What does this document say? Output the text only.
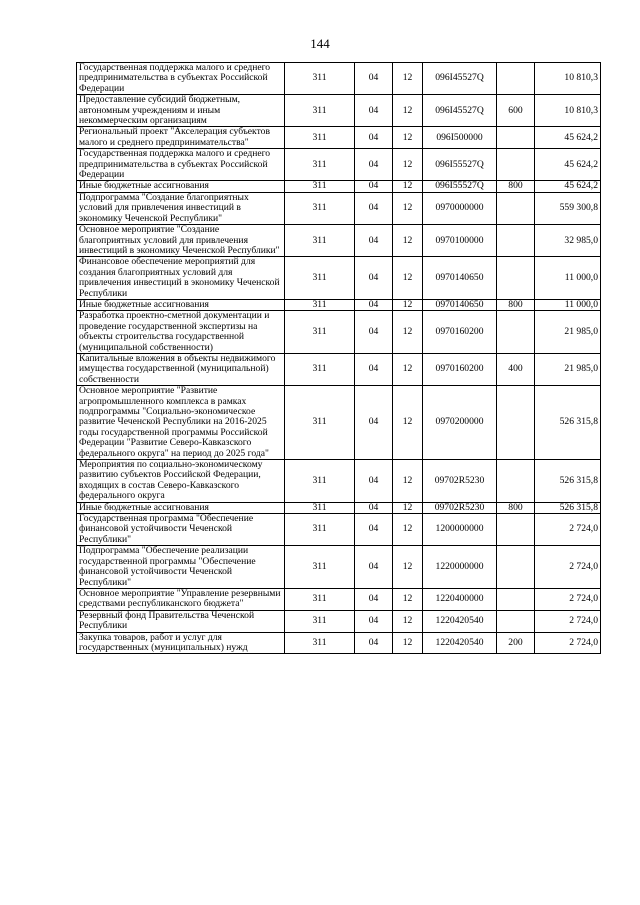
144
Государственная поддержка малого и среднего предпринимательства в субъектах Российской Федерации	311	04	12	096I45527Q		10 810,3
Предоставление субсидий бюджетным, автономным учреждениям и иным некоммерческим организациям	311	04	12	096I45527Q	600	10 810,3
Региональный проект "Акселерация субъектов малого и среднего предпринимательства"	311	04	12	096I500000		45 624,2
Государственная поддержка малого и среднего предпринимательства в субъектах Российской Федерации	311	04	12	096I55527Q		45 624,2
Иные бюджетные ассигнования	311	04	12	096I55527Q	800	45 624,2
Подпрограмма "Создание благоприятных условий для привлечения инвестиций в экономику Чеченской Республики"	311	04	12	0970000000		559 300,8
Основное мероприятие "Создание благоприятных условий для привлечения инвестиций в экономику Чеченской Республики"	311	04	12	0970100000		32 985,0
Финансовое обеспечение мероприятий для создания благоприятных условий для привлечения инвестиций в экономику Чеченской Республики	311	04	12	0970140650		11 000,0
Иные бюджетные ассигнования	311	04	12	0970140650	800	11 000,0
Разработка проектно-сметной документации и проведение государственной экспертизы на объекты строительства государственной (муниципальной собственности)	311	04	12	0970160200		21 985,0
Капитальные вложения в объекты недвижимого имущества государственной (муниципальной) собственности	311	04	12	0970160200	400	21 985,0
Основное мероприятие "Развитие агропромышленного комплекса в рамках подпрограммы "Социально-экономическое развитие Чеченской Республики на 2016-2025 годы государственной программы Российской Федерации "Развитие Северо-Кавказского федерального округа" на период до 2025 года"	311	04	12	0970200000		526 315,8
Мероприятия по социально-экономическому развитию субъектов Российской Федерации, входящих в состав Северо-Кавказского федерального округа	311	04	12	09702R5230		526 315,8
Иные бюджетные ассигнования	311	04	12	09702R5230	800	526 315,8
Государственная программа "Обеспечение финансовой устойчивости Чеченской Республики"	311	04	12	1200000000		2 724,0
Подпрограмма "Обеспечение реализации государственной программы "Обеспечение финансовой устойчивости Чеченской Республики"	311	04	12	1220000000		2 724,0
Основное мероприятие "Управление резервными средствами республиканского бюджета"	311	04	12	1220400000		2 724,0
Резервный фонд Правительства Чеченской Республики	311	04	12	1220420540		2 724,0
Закупка товаров, работ и услуг для государственных (муниципальных) нужд	311	04	12	1220420540	200	2 724,0
